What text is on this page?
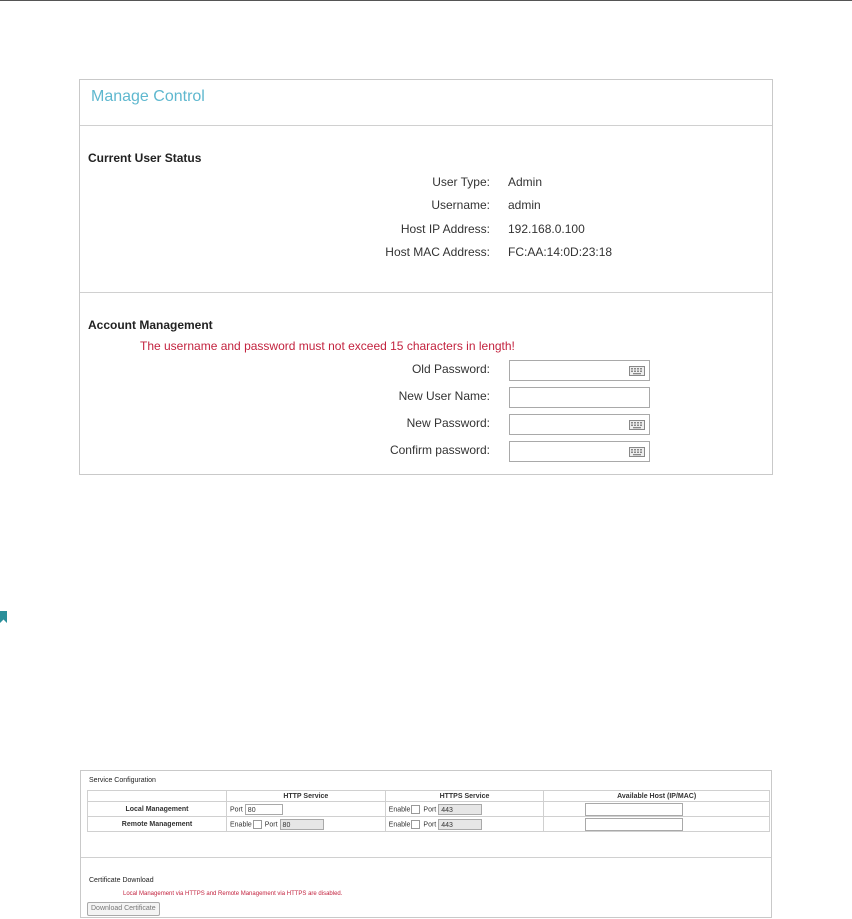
Manage Control
Current User Status
User Type: Admin
Username: admin
Host IP Address: 192.168.0.100
Host MAC Address: FC:AA:14:0D:23:18
Account Management
The username and password must not exceed 15 characters in length!
Old Password:
New User Name:
New Password:
Confirm password:
Service Configuration
	HTTP Service	HTTPS Service	Available Host (IP/MAC)
Local Management	Port 80	Enable Port 443	
Remote Management	Enable Port 80	Enable Port 443	
Certificate Download
Local Management via HTTPS and Remote Management via HTTPS are disabled.
Download Certificate
